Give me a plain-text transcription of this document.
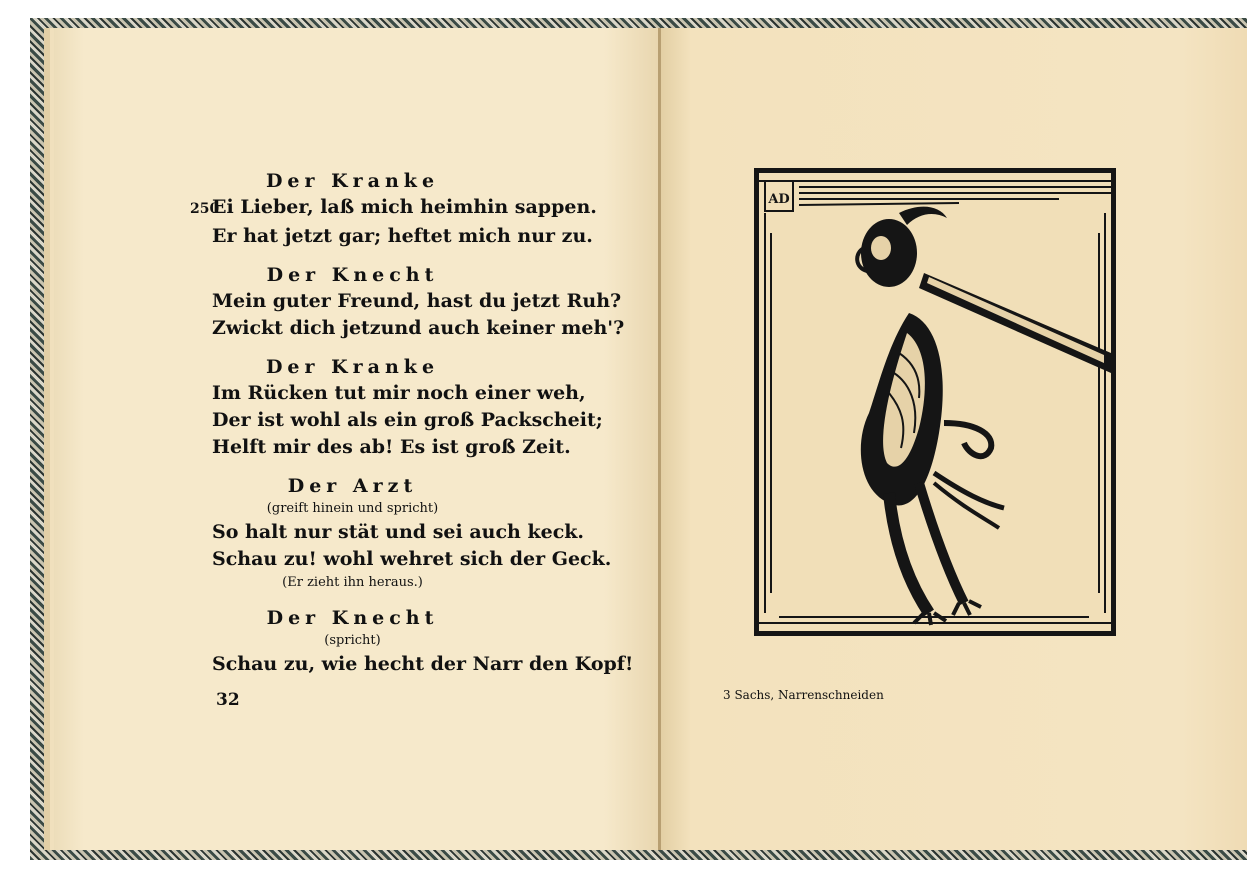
Der Kranke

250Ei Lieber, laß mich heimhin sappen.

Er hat jetzt gar; heftet mich nur zu.

Der Knecht

Mein guter Freund, hast du jetzt Ruh?

Zwickt dich jetzund auch keiner meh'?

Der Kranke

Im Rücken tut mir noch einer weh,

Der ist wohl als ein groß Packscheit;

Helft mir des ab! Es ist groß Zeit.

Der Arzt

(greift hinein und spricht)

So halt nur stät und sei auch keck.

Schau zu! wohl wehret sich der Geck.

(Er zieht ihn heraus.)

Der Knecht

(spricht)

Schau zu, wie hecht der Narr den Kopf!

32
AD
3 Sachs, Narrenschneiden
